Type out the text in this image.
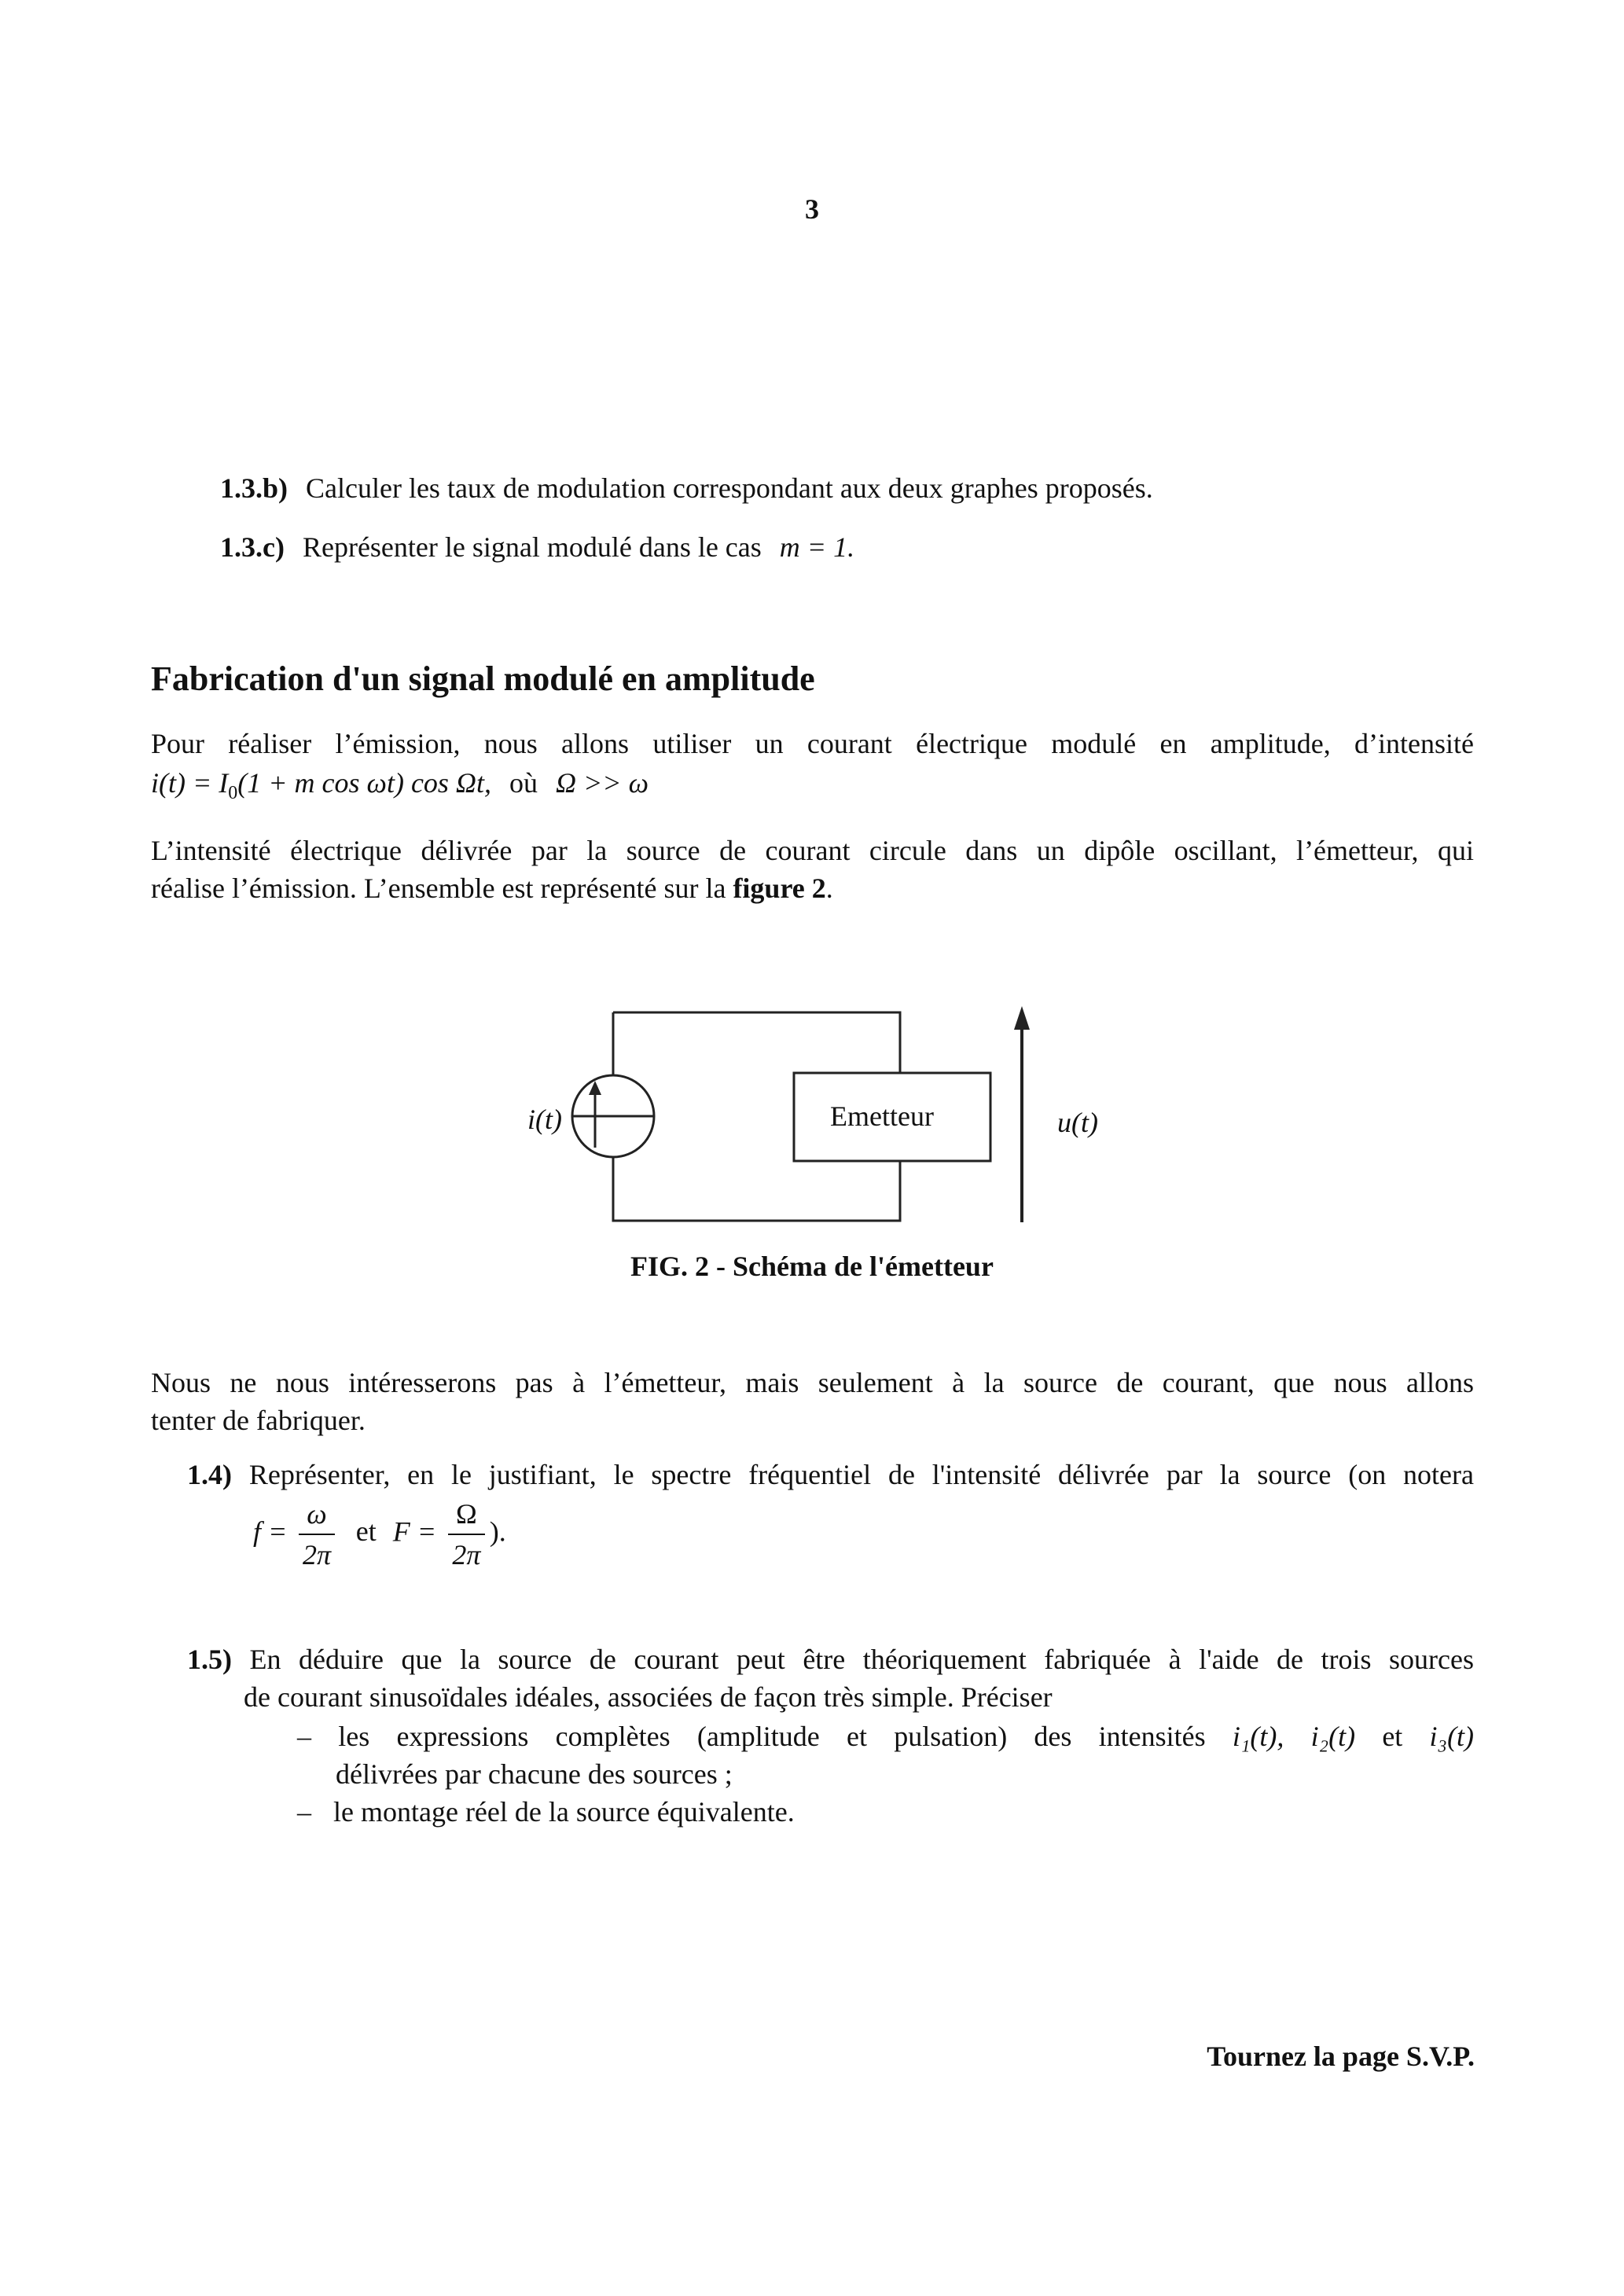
3
1.3.b) Calculer les taux de modulation correspondant aux deux graphes proposés.
1.3.c) Représenter le signal modulé dans le cas m = 1.
Fabrication d'un signal modulé en amplitude
Pour réaliser l’émission, nous allons utiliser un courant électrique modulé en amplitude, d’intensité
$i(t) = I_0(1 + m$ cos ωt) cos Ωt, où Ω >> ω
L’intensité électrique délivrée par la source de courant circule dans un dipôle oscillant, l’émetteur, qui
réalise l’émission. L’ensemble est représenté sur la figure 2.
i(t)	Emetteur	u(t)
FIG. 2 - Schéma de l'émetteur
Nous ne nous intéresserons pas à l’émetteur, mais seulement à la source de courant, que nous allons
tenter de fabriquer.
1.4) Représenter, en le justifiant, le spectre fréquentiel de l'intensité délivrée par la source (on notera
$f = \frac{\omega}{2\pi}$ et $F = \frac{\Omega}{2\pi}$ ).
1.5) En déduire que la source de courant peut être théoriquement fabriquée à l'aide de trois sources
de courant sinusoïdales idéales, associées de façon très simple. Préciser
– les expressions complètes (amplitude et pulsation) des intensités i₁(t), i₂(t) et i₃(t)
délivrées par chacune des sources ;
– le montage réel de la source équivalente.
Tournez la page S.V.P.
